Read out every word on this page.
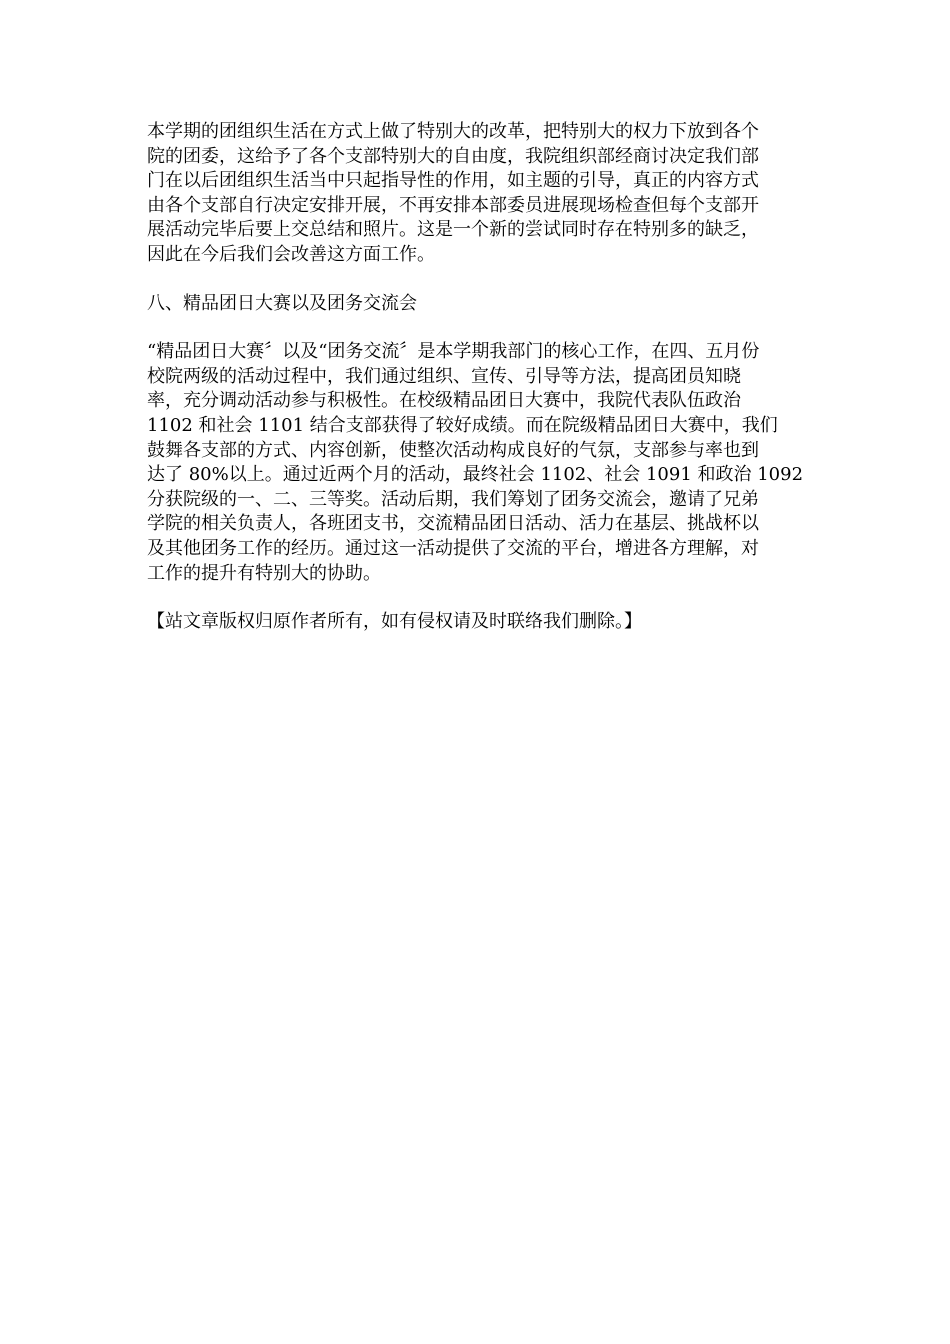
本学期的团组织生活在方式上做了特别大的改革，把特别大的权力下放到各个
院的团委，这给予了各个支部特别大的自由度，我院组织部经商讨决定我们部
门在以后团组织生活当中只起指导性的作用，如主题的引导，真正的内容方式
由各个支部自行决定安排开展，不再安排本部委员进展现场检查但每个支部开
展活动完毕后要上交总结和照片。这是一个新的尝试同时存在特别多的缺乏，
因此在今后我们会改善这方面工作。
八、精品团日大赛以及团务交流会
“精品团日大赛〞以及“团务交流〞是本学期我部门的核心工作，在四、五月份
校院两级的活动过程中，我们通过组织、宣传、引导等方法，提高团员知晓
率，充分调动活动参与积极性。在校级精品团日大赛中，我院代表队伍政治
1102 和社会 1101 结合支部获得了较好成绩。而在院级精品团日大赛中，我们
鼓舞各支部的方式、内容创新，使整次活动构成良好的气氛，支部参与率也到
达了 80%以上。通过近两个月的活动，最终社会 1102、社会 1091 和政治 1092
分获院级的一、二、三等奖。活动后期，我们筹划了团务交流会，邀请了兄弟
学院的相关负责人，各班团支书，交流精品团日活动、活力在基层、挑战杯以
及其他团务工作的经历。通过这一活动提供了交流的平台，增进各方理解，对
工作的提升有特别大的协助。
【站文章版权归原作者所有，如有侵权请及时联络我们删除。】
